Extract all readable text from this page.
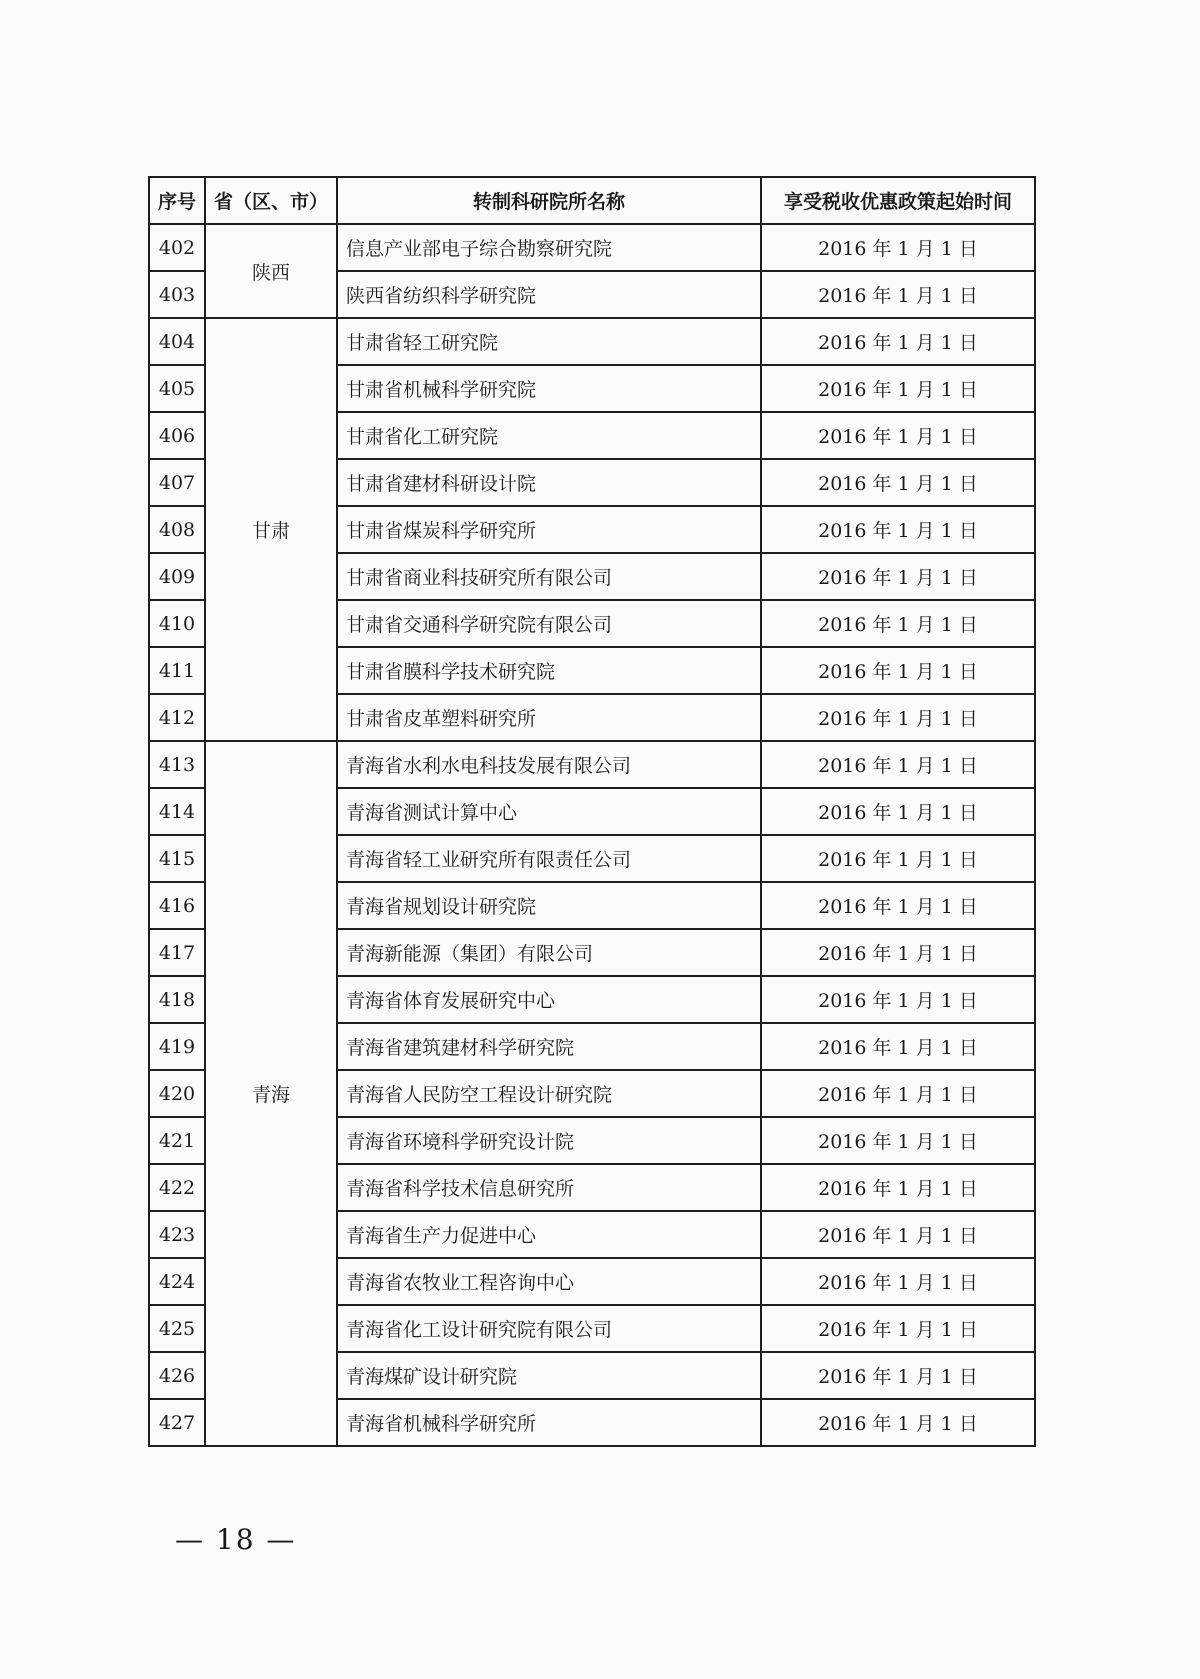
序号	省（区、市）	转制科研院所名称	享受税收优惠政策起始时间
402	陕西	信息产业部电子综合勘察研究院	2016 年 1 月 1 日
403		陕西省纺织科学研究院	2016 年 1 月 1 日
404	甘肃	甘肃省轻工研究院	2016 年 1 月 1 日
405		甘肃省机械科学研究院	2016 年 1 月 1 日
406		甘肃省化工研究院	2016 年 1 月 1 日
407		甘肃省建材科研设计院	2016 年 1 月 1 日
408		甘肃省煤炭科学研究所	2016 年 1 月 1 日
409		甘肃省商业科技研究所有限公司	2016 年 1 月 1 日
410		甘肃省交通科学研究院有限公司	2016 年 1 月 1 日
411		甘肃省膜科学技术研究院	2016 年 1 月 1 日
412		甘肃省皮革塑料研究所	2016 年 1 月 1 日
413	青海	青海省水利水电科技发展有限公司	2016 年 1 月 1 日
414		青海省测试计算中心	2016 年 1 月 1 日
415		青海省轻工业研究所有限责任公司	2016 年 1 月 1 日
416		青海省规划设计研究院	2016 年 1 月 1 日
417		青海新能源（集团）有限公司	2016 年 1 月 1 日
418		青海省体育发展研究中心	2016 年 1 月 1 日
419		青海省建筑建材科学研究院	2016 年 1 月 1 日
420		青海省人民防空工程设计研究院	2016 年 1 月 1 日
421		青海省环境科学研究设计院	2016 年 1 月 1 日
422		青海省科学技术信息研究所	2016 年 1 月 1 日
423		青海省生产力促进中心	2016 年 1 月 1 日
424		青海省农牧业工程咨询中心	2016 年 1 月 1 日
425		青海省化工设计研究院有限公司	2016 年 1 月 1 日
426		青海煤矿设计研究院	2016 年 1 月 1 日
427		青海省机械科学研究所	2016 年 1 月 1 日
— 18 —
